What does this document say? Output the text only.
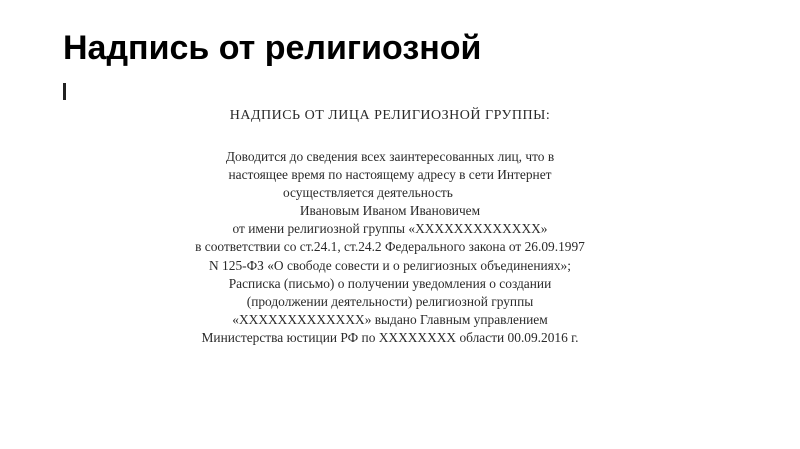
Надпись от религиозной
НАДПИСЬ ОТ ЛИЦА РЕЛИГИОЗНОЙ ГРУППЫ:
Доводится до сведения всех заинтересованных лиц, что в
настоящее время по настоящему адресу в сети Интернет
осуществляется деятельность
Ивановым Иваном Ивановичем
от имени религиозной группы «XXXXXXXXXXXXX»
в соответствии со ст.24.1, ст.24.2 Федерального закона от 26.09.1997
N 125-ФЗ «О свободе совести и о религиозных объединениях»;
Расписка (письмо) о получении уведомления о создании
(продолжении деятельности) религиозной группы
«XXXXXXXXXXXXX» выдано Главным управлением
Министерства юстиции РФ по XXXXXXXX области 00.09.2016 г.
